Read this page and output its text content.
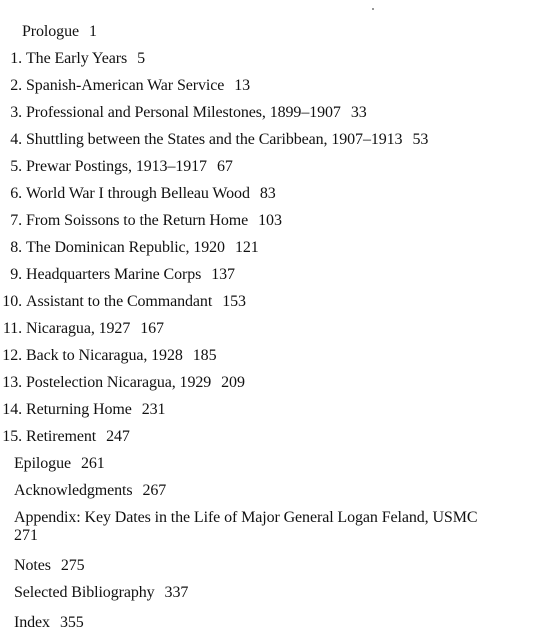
Prologue 1
1. The Early Years 5
2. Spanish-American War Service 13
3. Professional and Personal Milestones, 1899–1907 33
4. Shuttling between the States and the Caribbean, 1907–1913 53
5. Prewar Postings, 1913–1917 67
6. World War I through Belleau Wood 83
7. From Soissons to the Return Home 103
8. The Dominican Republic, 1920 121
9. Headquarters Marine Corps 137
10. Assistant to the Commandant 153
11. Nicaragua, 1927 167
12. Back to Nicaragua, 1928 185
13. Postelection Nicaragua, 1929 209
14. Returning Home 231
15. Retirement 247
Epilogue 261
Acknowledgments 267
Appendix: Key Dates in the Life of Major General Logan Feland, USMC
271
Notes 275
Selected Bibliography 337
Index 355
